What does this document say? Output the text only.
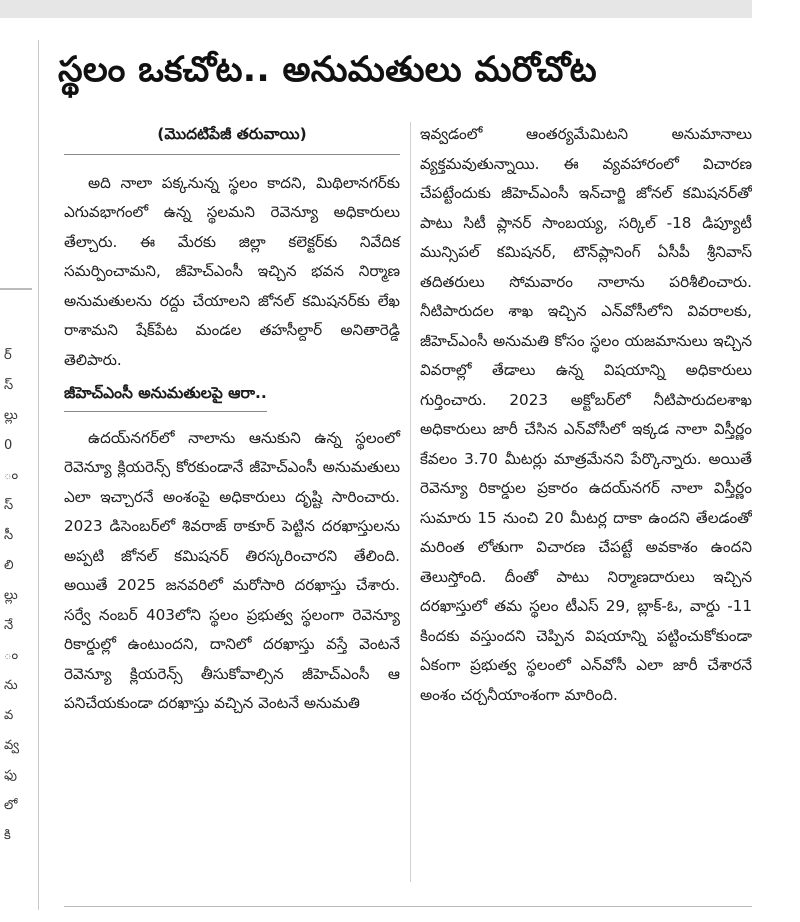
ర్
స్
ల్లు
0
ం
స్
సీ
లి
ల్లు
నే
ం
ను
వ
వ్వ
ఫు
లో
కి
స్థలం ఒకచోట.. అనుమతులు మరోచోట
(మొదటిపేజీ తరువాయి)

అది నాలా పక్కనున్న స్థలం కాదని, మిథిలానగర్‌కు ఎగువభాగంలో ఉన్న స్థలమని రెవెన్యూ అధికారులు తేల్చారు. ఈ మేరకు జిల్లా కలెక్టర్‌కు నివేదిక సమర్పించామని, జీహెచ్‌ఎంసీ ఇచ్చిన భవన నిర్మాణ అనుమతులను రద్దు చేయాలని జోనల్‌ కమిషనర్‌కు లేఖ రాశామని షేక్‌పేట మండల తహసీల్దార్‌ అనితారెడ్డి తెలిపారు.

జీహెచ్‌ఎంసీ అనుమతులపై ఆరా..

ఉదయ్‌నగర్‌లో నాలాను ఆనుకుని ఉన్న స్థలంలో రెవెన్యూ క్లియరెన్స్‌ కోరకుండానే జీహెచ్‌ఎంసీ అనుమతులు ఎలా ఇచ్చారనే అంశంపై అధికారులు దృష్టి సారించారు. 2023 డిసెంబర్‌లో శివరాజ్‌ ఠాకూర్‌ పెట్టిన దరఖాస్తులను అప్పటి జోనల్‌ కమిషనర్‌ తిరస్కరించారని తేలింది. అయితే 2025 జనవరిలో మరోసారి దరఖాస్తు చేశారు. సర్వే నంబర్‌ 403లోని స్థలం ప్రభుత్వ స్థలంగా రెవెన్యూ రికార్డుల్లో ఉంటుందని, దానిలో దరఖాస్తు వస్తే వెంటనే రెవెన్యూ క్లియరెన్స్‌ తీసుకోవాల్సిన జీహెచ్‌ఎంసీ ఆ పనిచేయకుండా దరఖాస్తు వచ్చిన వెంటనే అనుమతి

ఇవ్వడంలో ఆంతర్యమేమిటని అనుమానాలు వ్యక్తమవుతున్నాయి. ఈ వ్యవహారంలో విచారణ చేపట్టేందుకు జీహెచ్‌ఎంసీ ఇన్‌చార్జి జోనల్‌ కమిషనర్‌తో పాటు సిటీ ప్లానర్‌ సాంబయ్య, సర్కిల్‌ -18 డిప్యూటీ మున్సిపల్‌ కమిషనర్‌, టౌన్‌ప్లానింగ్‌ ఏసీపీ శ్రీనివాస్‌ తదితరులు సోమవారం నాలాను పరిశీలించారు. నీటిపారుదల శాఖ ఇచ్చిన ఎన్‌వోసీలోని వివరాలకు, జీహెచ్‌ఎంసీ అనుమతి కోసం స్థలం యజమానులు ఇచ్చిన వివరాల్లో తేడాలు ఉన్న విషయాన్ని అధికారులు గుర్తించారు. 2023 అక్టోబర్‌లో నీటిపారుదలశాఖ అధికారులు జారీ చేసిన ఎన్‌వోసీలో ఇక్కడ నాలా విస్తీర్ణం కేవలం 3.70 మీటర్లు మాత్రమేనని పేర్కొన్నారు. అయితే రెవెన్యూ రికార్డుల ప్రకారం ఉదయ్‌నగర్‌ నాలా విస్తీర్ణం సుమారు 15 నుంచి 20 మీటర్ల దాకా ఉందని తేలడంతో మరింత లోతుగా విచారణ చేపట్టే అవకాశం ఉందని తెలుస్తోంది. దీంతో పాటు నిర్మాణదారులు ఇచ్చిన దరఖాస్తులో తమ స్థలం టీఎస్‌ 29, బ్లాక్‌-ఓ, వార్డు -11 కిందకు వస్తుందని చెప్పిన విషయాన్ని పట్టించుకోకుండా ఏకంగా ప్రభుత్వ స్థలంలో ఎన్‌వోసీ ఎలా జారీ చేశారనే అంశం చర్చనీయాంశంగా మారింది.
